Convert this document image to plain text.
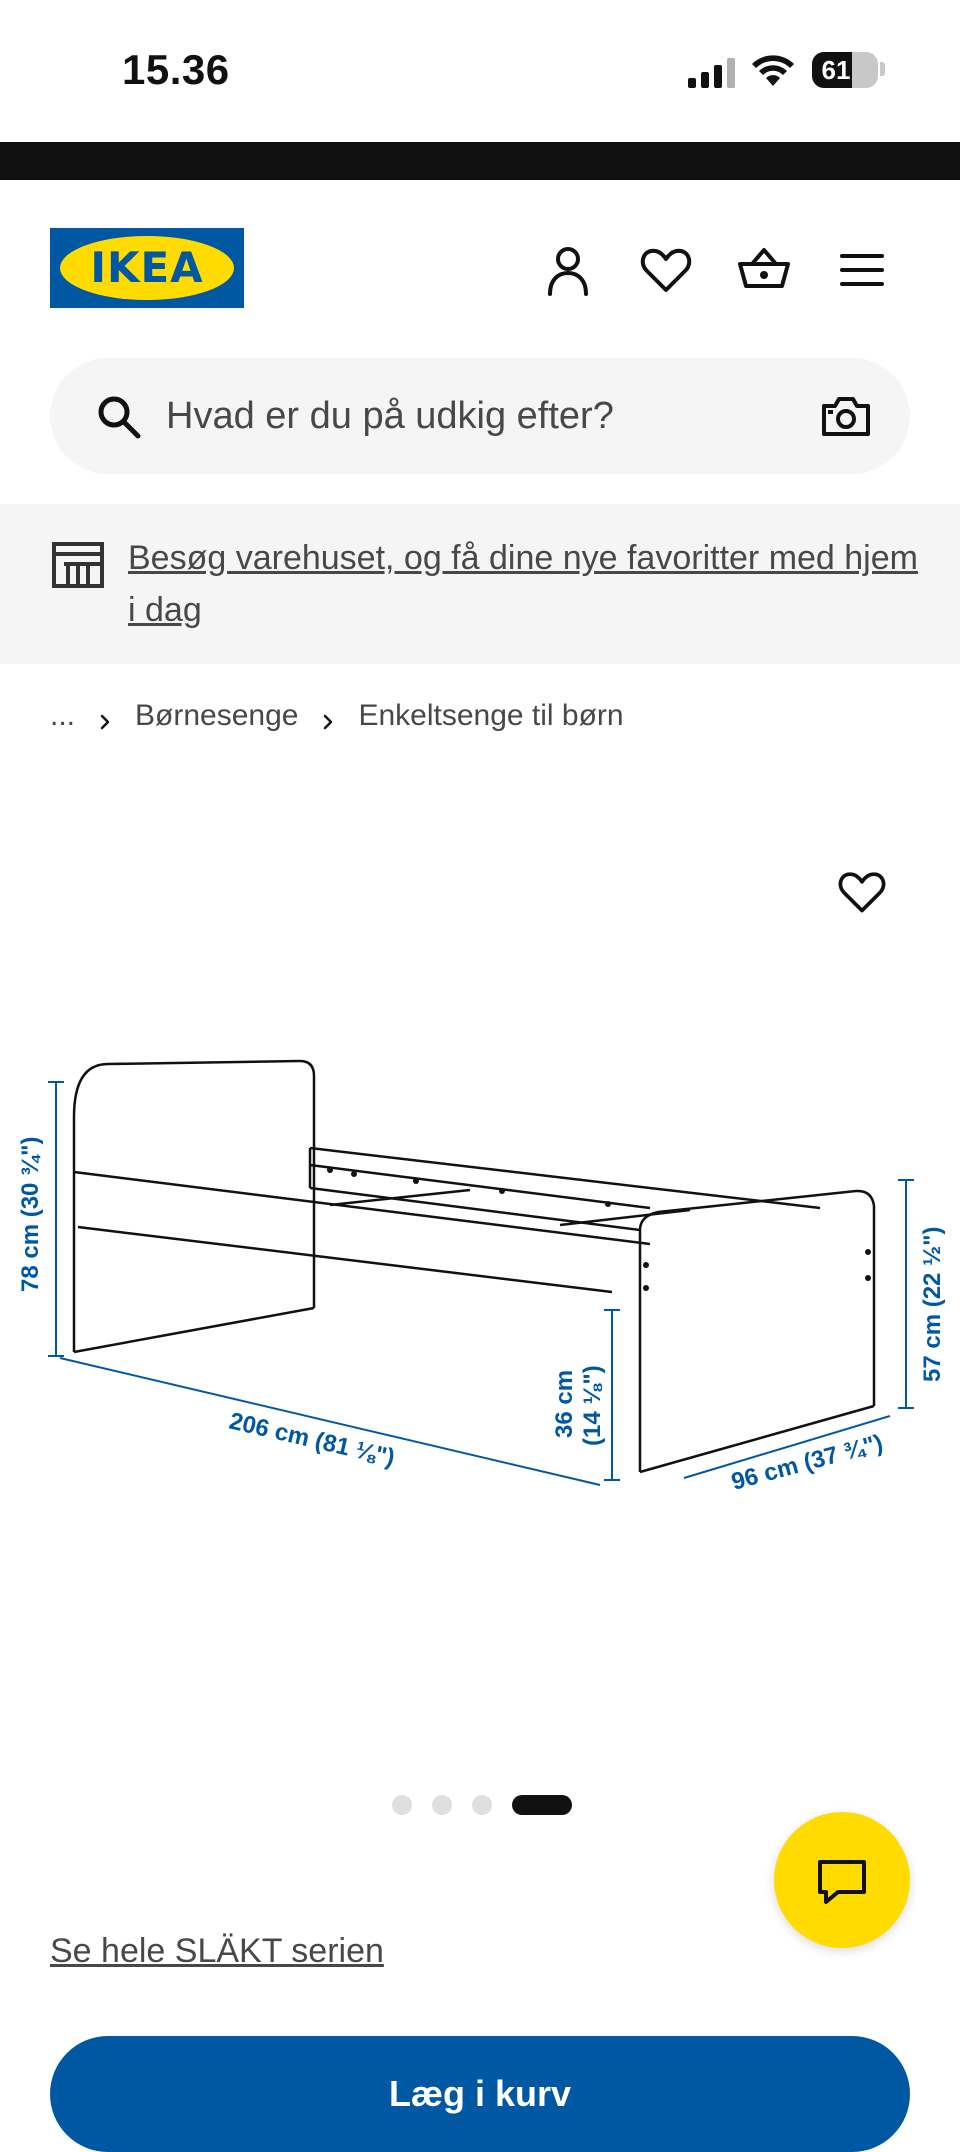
15.36	61
IKEA
Hvad er du på udkig efter?
Besøg varehuset, og få dine nye favoritter med hjem i dag
... Børnesenge Enkeltsenge til børn
78 cm (30 ¾")
206 cm (81 ⅛")
36 cm (14 ⅛")
96 cm (37 ¾")
57 cm (22 ½")
Se hele SLÄKT serien
Læg i kurv
